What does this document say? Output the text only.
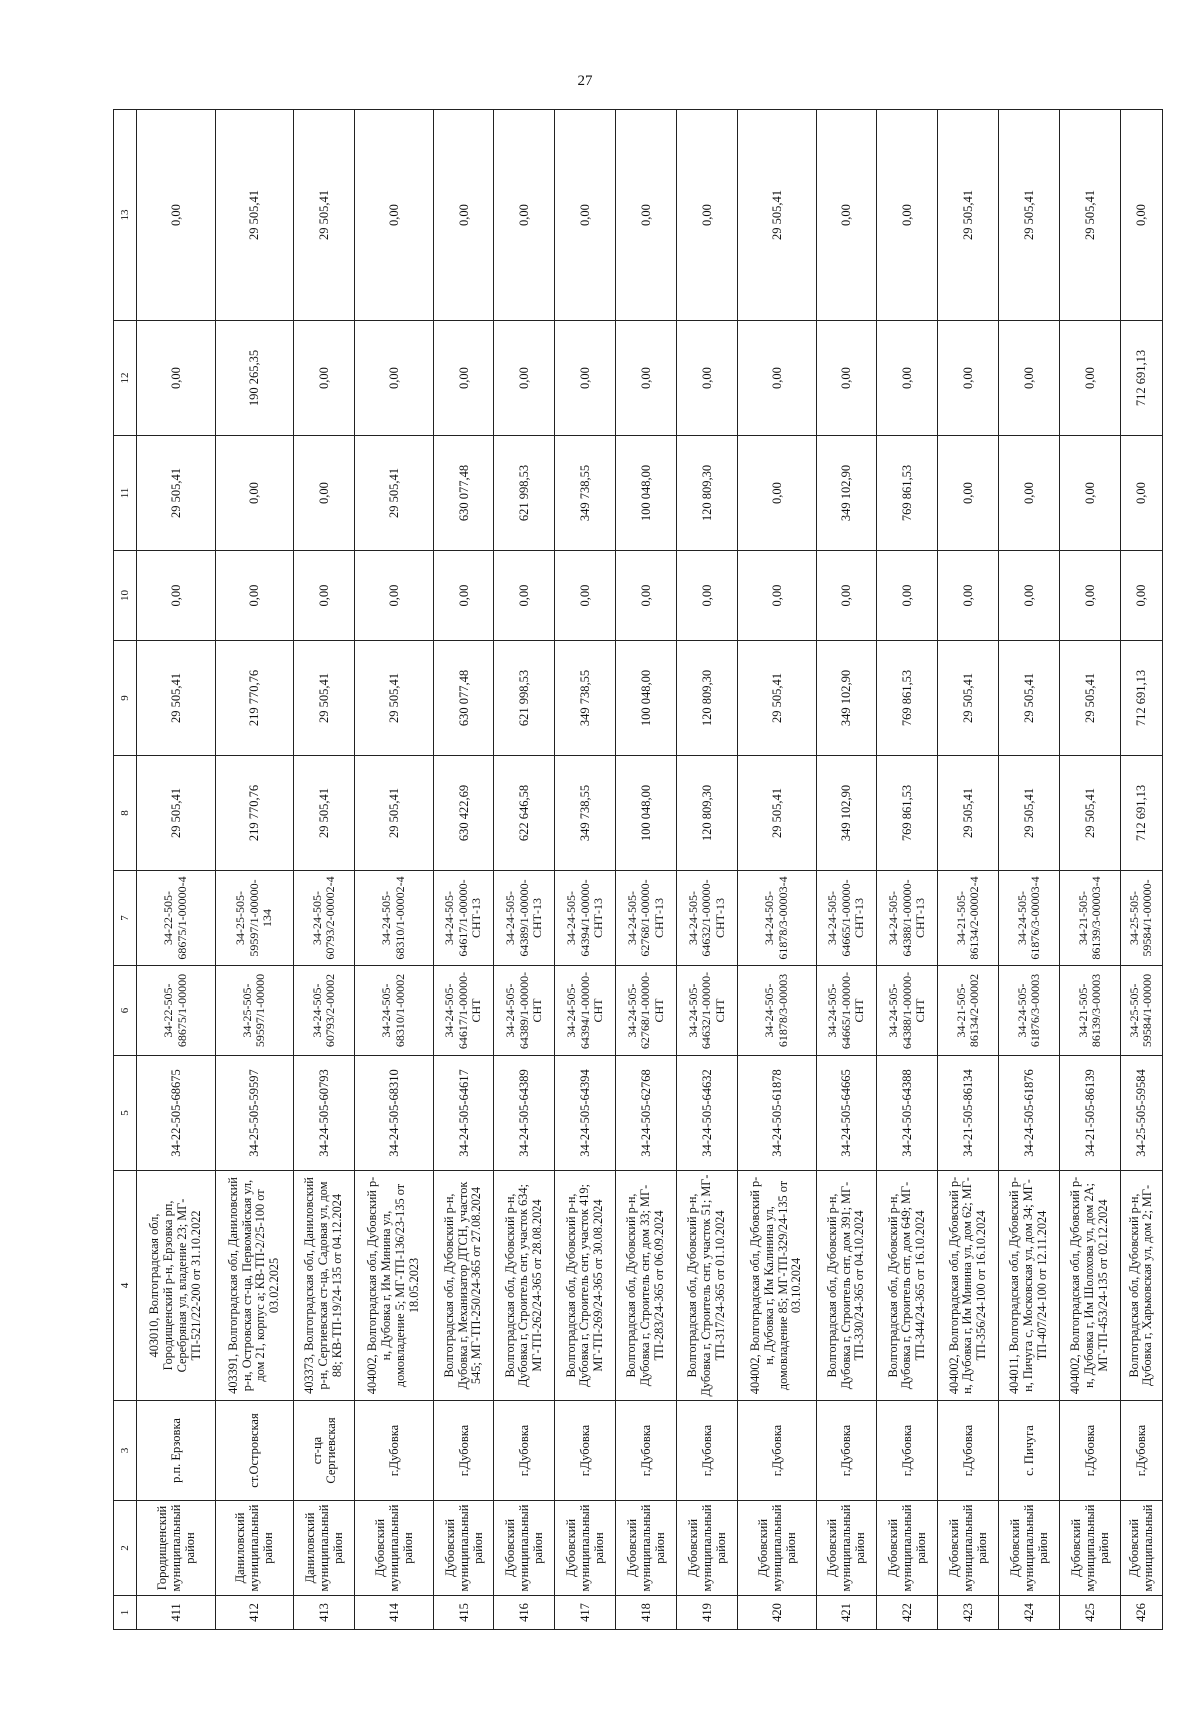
27
1	2	3	4	5	6	7	8	9	10	11	12	13
411	Городищенский муниципальный район	р.п. Ерзовка	403010, Волгоградская обл, Городищенский р-н, Ерзовка рп, Серебряная ул, владение 23; МГ-ТП-521/22-200 от 31.10.2022	34-22-505-68675	34-22-505-68675/1-00000	34-22-505-68675/1-00000-4	29 505,41	29 505,41	0,00	29 505,41	0,00	0,00
412	Даниловский муниципальный район	ст.Островская	403391, Волгоградская обл, Даниловский р-н, Островская ст-ца, Первомайская ул, дом 21, корпус а; КВ-ТП-2/25-100 от 03.02.2025	34-25-505-59597	34-25-505-59597/1-00000	34-25-505-59597/1-00000-134	219 770,76	219 770,76	0,00	0,00	190 265,35	29 505,41
413	Даниловский муниципальный район	ст-ца Сергиевская	403373, Волгоградская обл, Даниловский р-н, Сергиевская ст-ца, Садовая ул, дом 88; КВ-ТП-19/24-135 от 04.12.2024	34-24-505-60793	34-24-505-60793/2-00002	34-24-505-60793/2-00002-4	29 505,41	29 505,41	0,00	0,00	0,00	29 505,41
414	Дубовский муниципальный район	г.Дубовка	404002, Волгоградская обл, Дубовский р-н, Дубовка г, Им Минина ул, домовладение 5; МГ-ТП-136/23-135 от 18.05.2023	34-24-505-68310	34-24-505-68310/1-00002	34-24-505-68310/1-00002-4	29 505,41	29 505,41	0,00	29 505,41	0,00	0,00
415	Дубовский муниципальный район	г.Дубовка	Волгоградская обл, Дубовский р-н, Дубовка г, Механизатор ДТСН, участок 545; МГ-ТП-250/24-365 от 27.08.2024	34-24-505-64617	34-24-505-64617/1-00000-СНТ	34-24-505-64617/1-00000-СНТ-13	630 422,69	630 077,48	0,00	630 077,48	0,00	0,00
416	Дубовский муниципальный район	г.Дубовка	Волгоградская обл, Дубовский р-н, Дубовка г, Строитель снт, участок 634; МГ-ТП-262/24-365 от 28.08.2024	34-24-505-64389	34-24-505-64389/1-00000-СНТ	34-24-505-64389/1-00000-СНТ-13	622 646,58	621 998,53	0,00	621 998,53	0,00	0,00
417	Дубовский муниципальный район	г.Дубовка	Волгоградская обл, Дубовский р-н, Дубовка г, Строитель снт, участок 419; МГ-ТП-269/24-365 от 30.08.2024	34-24-505-64394	34-24-505-64394/1-00000-СНТ	34-24-505-64394/1-00000-СНТ-13	349 738,55	349 738,55	0,00	349 738,55	0,00	0,00
418	Дубовский муниципальный район	г.Дубовка	Волгоградская обл, Дубовский р-н, Дубовка г, Строитель снт, дом 33; МГ-ТП-283/24-365 от 06.09.2024	34-24-505-62768	34-24-505-62768/1-00000-СНТ	34-24-505-62768/1-00000-СНТ-13	100 048,00	100 048,00	0,00	100 048,00	0,00	0,00
419	Дубовский муниципальный район	г.Дубовка	Волгоградская обл, Дубовский р-н, Дубовка г, Строитель снт, участок 51; МГ-ТП-317/24-365 от 01.10.2024	34-24-505-64632	34-24-505-64632/1-00000-СНТ	34-24-505-64632/1-00000-СНТ-13	120 809,30	120 809,30	0,00	120 809,30	0,00	0,00
420	Дубовский муниципальный район	г.Дубовка	404002, Волгоградская обл, Дубовский р-н, Дубовка г, Им Калинина ул, домовладение 85; МГ-ТП-329/24-135 от 03.10.2024	34-24-505-61878	34-24-505-61878/3-00003	34-24-505-61878/3-00003-4	29 505,41	29 505,41	0,00	0,00	0,00	29 505,41
421	Дубовский муниципальный район	г.Дубовка	Волгоградская обл, Дубовский р-н, Дубовка г, Строитель снт, дом 391; МГ-ТП-330/24-365 от 04.10.2024	34-24-505-64665	34-24-505-64665/1-00000-СНТ	34-24-505-64665/1-00000-СНТ-13	349 102,90	349 102,90	0,00	349 102,90	0,00	0,00
422	Дубовский муниципальный район	г.Дубовка	Волгоградская обл, Дубовский р-н, Дубовка г, Строитель снт, дом 649; МГ-ТП-344/24-365 от 16.10.2024	34-24-505-64388	34-24-505-64388/1-00000-СНТ	34-24-505-64388/1-00000-СНТ-13	769 861,53	769 861,53	0,00	769 861,53	0,00	0,00
423	Дубовский муниципальный район	г.Дубовка	404002, Волгоградская обл, Дубовский р-н, Дубовка г, Им Минина ул, дом 62; МГ-ТП-356/24-100 от 16.10.2024	34-21-505-86134	34-21-505-86134/2-00002	34-21-505-86134/2-00002-4	29 505,41	29 505,41	0,00	0,00	0,00	29 505,41
424	Дубовский муниципальный район	с. Пичуга	404011, Волгоградская обл, Дубовский р-н, Пичуга с, Московская ул, дом 34; МГ-ТП-407/24-100 от 12.11.2024	34-24-505-61876	34-24-505-61876/3-00003	34-24-505-61876/3-00003-4	29 505,41	29 505,41	0,00	0,00	0,00	29 505,41
425	Дубовский муниципальный район	г.Дубовка	404002, Волгоградская обл, Дубовский р-н, Дубовка г, Им Шолохова ул, дом 2А; МГ-ТП-453/24-135 от 02.12.2024	34-21-505-86139	34-21-505-86139/3-00003	34-21-505-86139/3-00003-4	29 505,41	29 505,41	0,00	0,00	0,00	29 505,41
426	Дубовский муниципальный	г.Дубовка	Волгоградская обл, Дубовский р-н, Дубовка г, Харьковская ул, дом 2; МГ-	34-25-505-59584	34-25-505-59584/1-00000	34-25-505-59584/1-00000-	712 691,13	712 691,13	0,00	0,00	712 691,13	0,00
